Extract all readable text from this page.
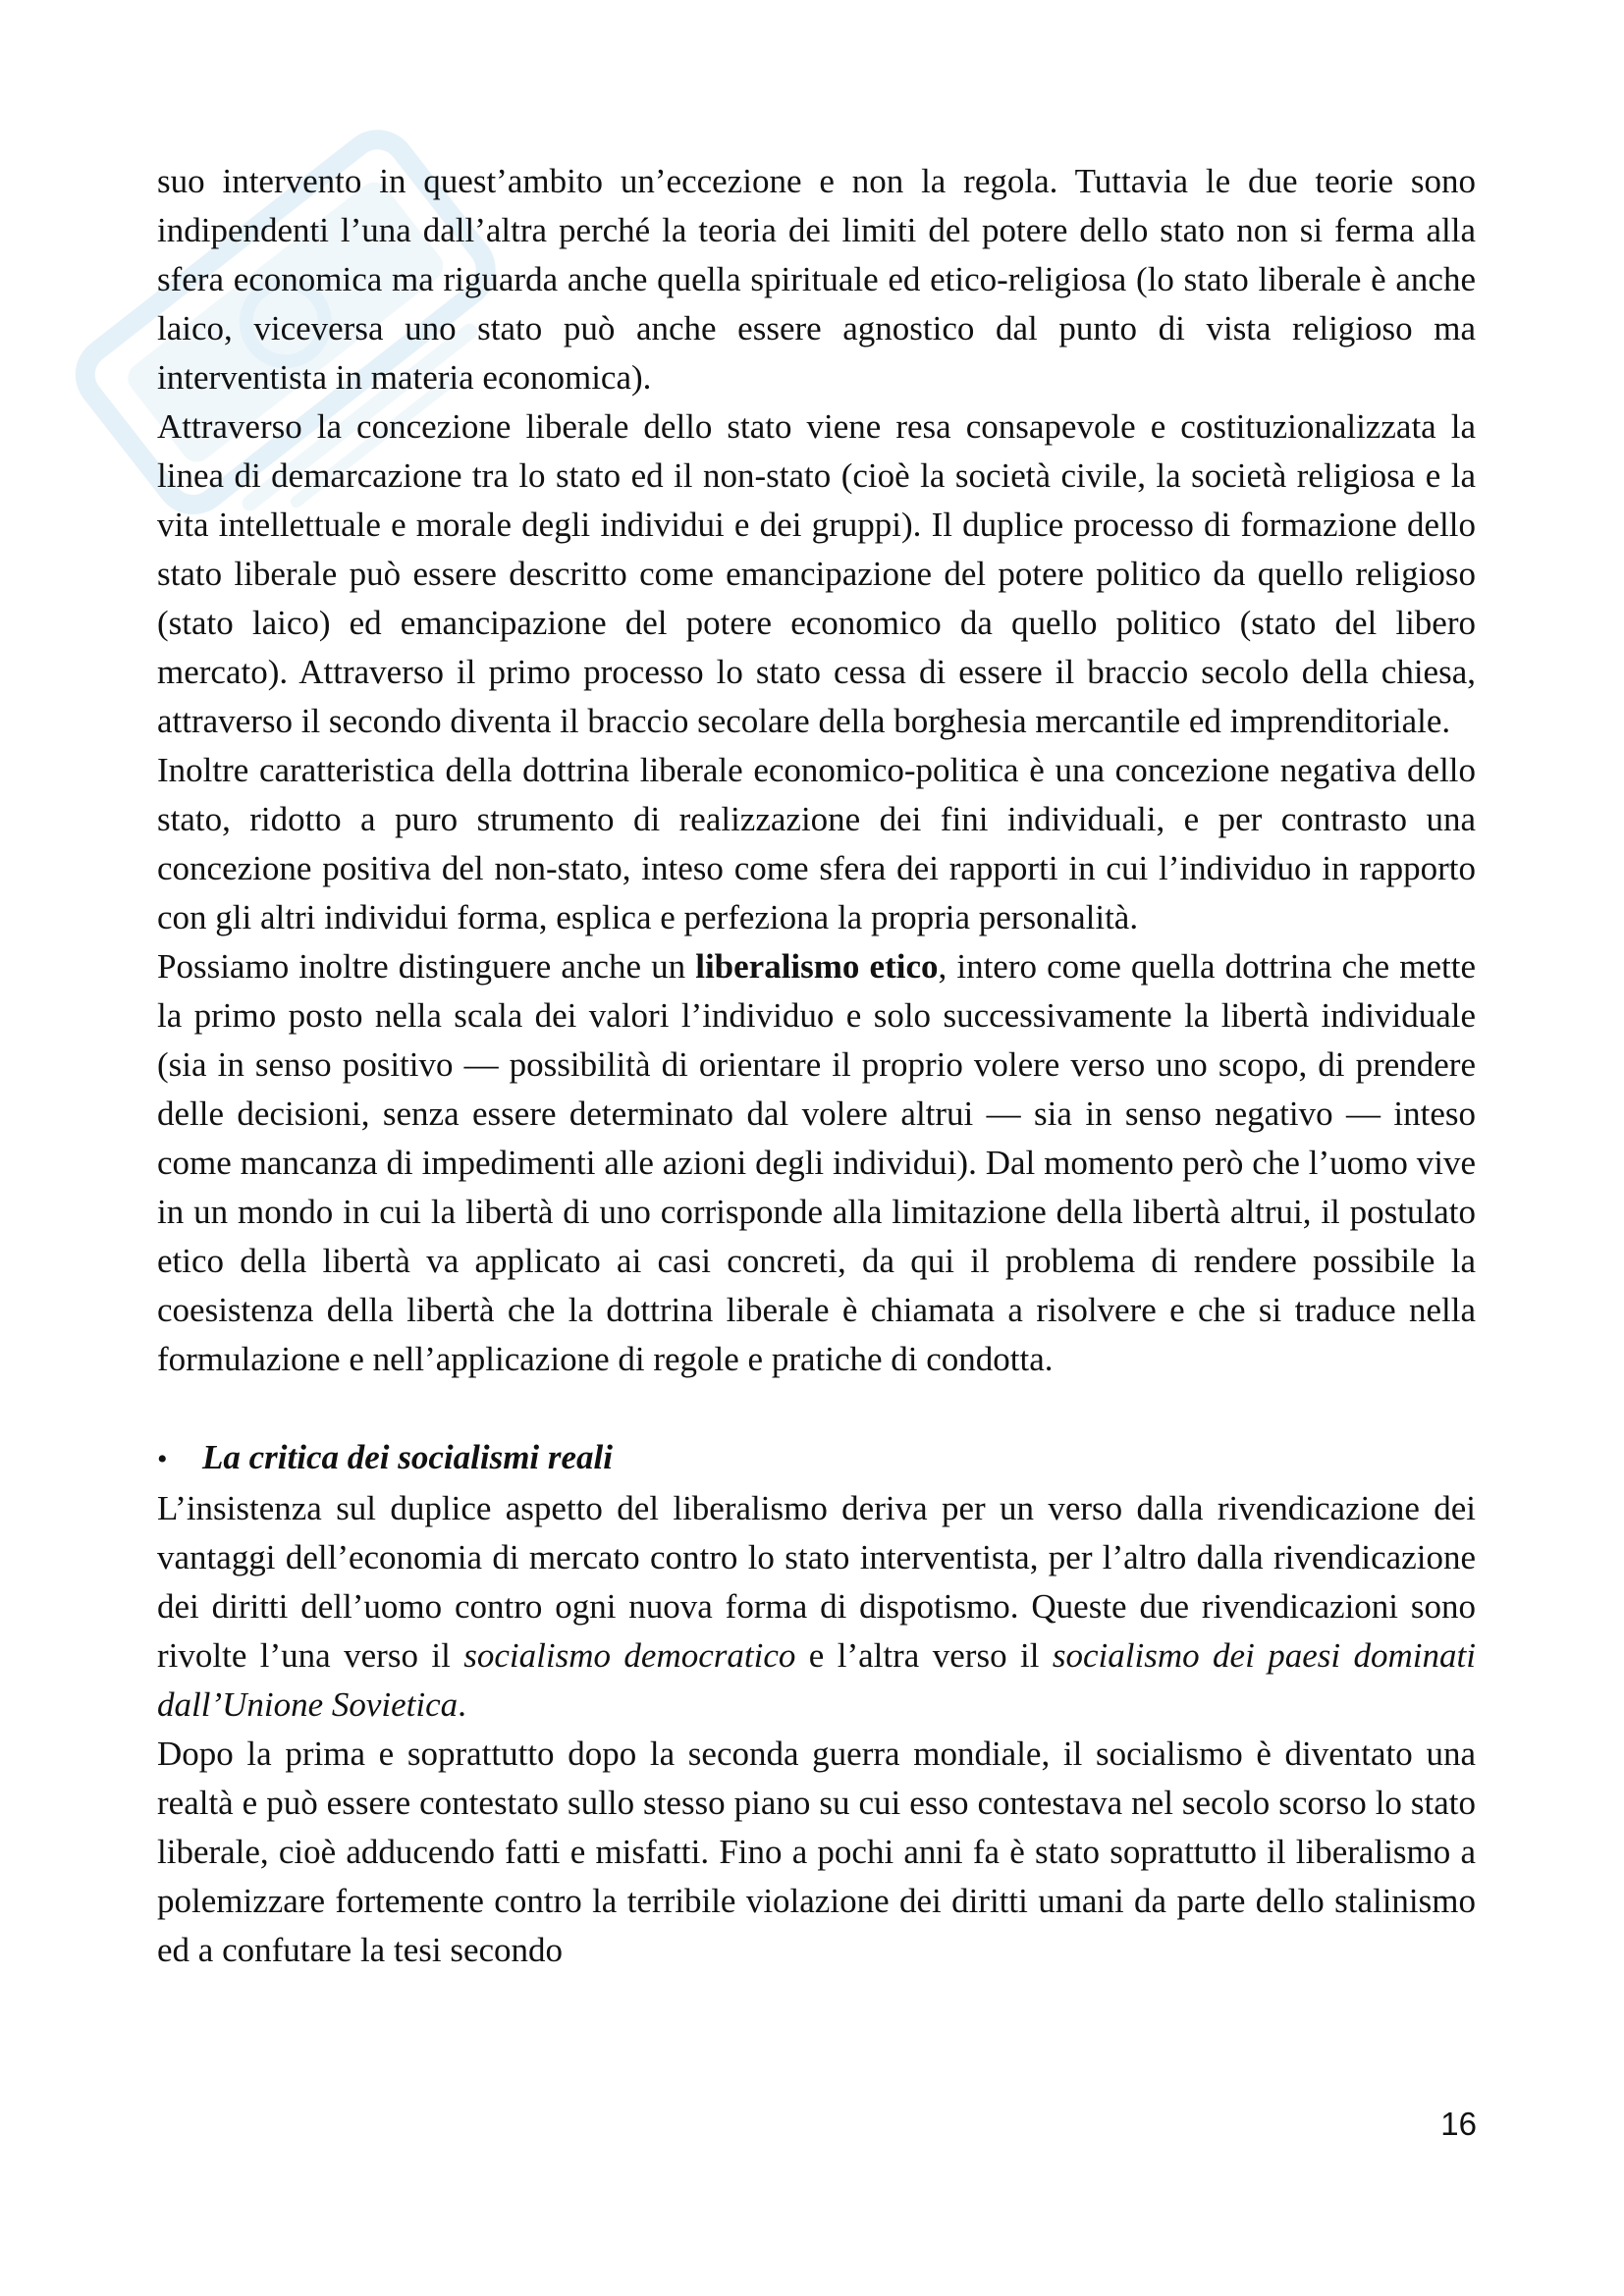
suo intervento in quest’ambito un’eccezione e non la regola. Tuttavia le due teorie sono indipendenti l’una dall’altra perché la teoria dei limiti del potere dello stato non si ferma alla sfera economica ma riguarda anche quella spirituale ed etico-religiosa (lo stato liberale è anche laico, viceversa uno stato può anche essere agnostico dal punto di vista religioso ma interventista in materia economica).

Attraverso la concezione liberale dello stato viene resa consapevole e costituzionalizzata la linea di demarcazione tra lo stato ed il non-stato (cioè la società civile, la società religiosa e la vita intellettuale e morale degli individui e dei gruppi). Il duplice processo di formazione dello stato liberale può essere descritto come emancipazione del potere politico da quello religioso (stato laico) ed emancipazione del potere economico da quello politico (stato del libero mercato). Attraverso il primo processo lo stato cessa di essere il braccio secolo della chiesa, attraverso il secondo diventa il braccio secolare della borghesia mercantile ed imprenditoriale.

Inoltre caratteristica della dottrina liberale economico-politica è una concezione negativa dello stato, ridotto a puro strumento di realizzazione dei fini individuali, e per contrasto una concezione positiva del non-stato, inteso come sfera dei rapporti in cui l’individuo in rapporto con gli altri individui forma, esplica e perfeziona la propria personalità.

Possiamo inoltre distinguere anche un liberalismo etico, intero come quella dottrina che mette la primo posto nella scala dei valori l’individuo e solo successivamente la libertà individuale (sia in senso positivo — possibilità di orientare il proprio volere verso uno scopo, di prendere delle decisioni, senza essere determinato dal volere altrui — sia in senso negativo — inteso come mancanza di impedimenti alle azioni degli individui). Dal momento però che l’uomo vive in un mondo in cui la libertà di uno corrisponde alla limitazione della libertà altrui, il postulato etico della libertà va applicato ai casi concreti, da qui il problema di rendere possibile la coesistenza della libertà che la dottrina liberale è chiamata a risolvere e che si traduce nella formulazione e nell’applicazione di regole e pratiche di condotta.

•	La critica dei socialismi reali

L’insistenza sul duplice aspetto del liberalismo deriva per un verso dalla rivendicazione dei vantaggi dell’economia di mercato contro lo stato interventista, per l’altro dalla rivendicazione dei diritti dell’uomo contro ogni nuova forma di dispotismo. Queste due rivendicazioni sono rivolte l’una verso il socialismo democratico e l’altra verso il socialismo dei paesi dominati dall’Unione Sovietica.

Dopo la prima e soprattutto dopo la seconda guerra mondiale, il socialismo è diventato una realtà e può essere contestato sullo stesso piano su cui esso contestava nel secolo scorso lo stato liberale, cioè adducendo fatti e misfatti. Fino a pochi anni fa è stato soprattutto il liberalismo a polemizzare fortemente contro la terribile violazione dei diritti umani da parte dello stalinismo ed a confutare la tesi secondo

16
